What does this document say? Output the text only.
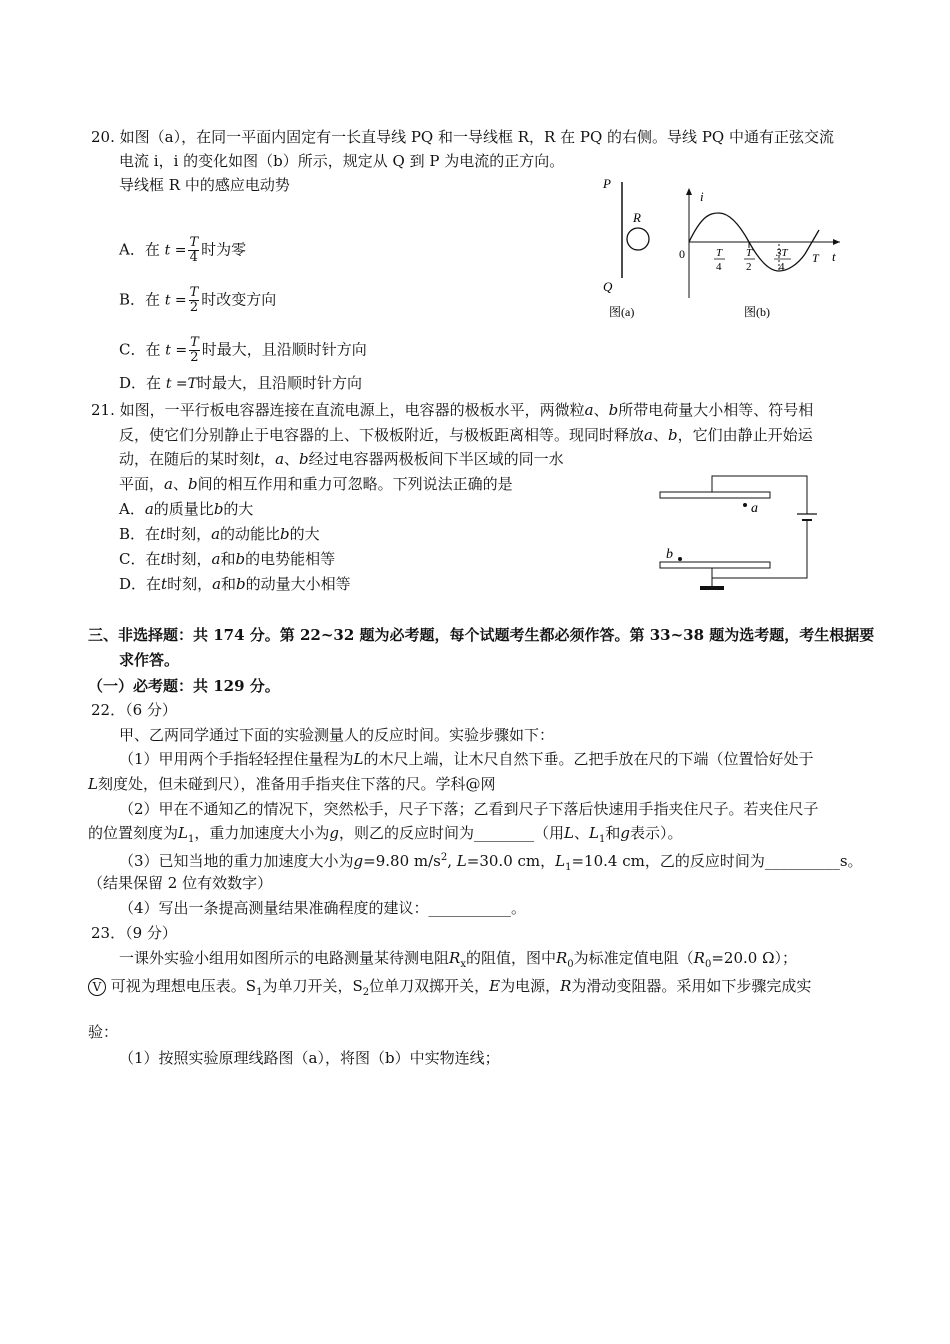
20. 如图（a），在同一平面内固定有一长直导线 PQ 和一导线框 R，R 在 PQ 的右侧。导线 PQ 中通有正弦交流
电流 i，i 的变化如图（b）所示，规定从 Q 到 P 为电流的正方向。
导线框 R 中的感应电动势
A．在 $t = \frac{T}{4}$ 时为零
B．在 $t = \frac{T}{2}$ 时改变方向
C．在 $t = \frac{T}{2}$ 时最大，且沿顺时针方向
D．在 t =T时最大，且沿顺时针方向
P
Q
R
图(a)
i
0	t
T
4
T
2
3T
4
T
图(b)
21. 如图，一平行板电容器连接在直流电源上，电容器的极板水平，两微粒a、b所带电荷量大小相等、符号相
反，使它们分别静止于电容器的上、下极板附近，与极板距离相等。现同时释放a、b，它们由静止开始运
动，在随后的某时刻t，a、b经过电容器两极板间下半区域的同一水
平面，a、b间的相互作用和重力可忽略。下列说法正确的是
A．a的质量比b的大
B．在t时刻，a的动能比b的大
C．在t时刻，a和b的电势能相等
D．在t时刻，a和b的动量大小相等
a
b
三、非选择题：共 174 分。第 22~32 题为必考题，每个试题考生都必须作答。第 33~38 题为选考题，考生根据要
求作答。
（一）必考题：共 129 分。
22．（6 分）
甲、乙两同学通过下面的实验测量人的反应时间。实验步骤如下：
（1）甲用两个手指轻轻捏住量程为L的木尺上端，让木尺自然下垂。乙把手放在尺的下端（位置恰好处于
L刻度处，但未碰到尺），准备用手指夹住下落的尺。学科@网
（2）甲在不通知乙的情况下，突然松手，尺子下落；乙看到尺子下落后快速用手指夹住尺子。若夹住尺子
的位置刻度为$L_1$，重力加速度大小为g，则乙的反应时间为________（用L、$L_1$和g表示）。
（3）已知当地的重力加速度大小为g=9.80 $m/s^2$, L=30.0 cm，$L_1=10.4$ cm，乙的反应时间为__________s。
（结果保留 2 位有效数字）
（4）写出一条提高测量结果准确程度的建议：___________。
23．（9 分）
一课外实验小组用如图所示的电路测量某待测电阻$R_x$的阻值，图中$R_0$为标准定值电阻（$R_0=20.0$ Ω）；
V 可视为理想电压表。$S_1$为单刀开关，$S_2$位单刀双掷开关，E为电源，R为滑动变阻器。采用如下步骤完成实
验：
（1）按照实验原理线路图（a），将图（b）中实物连线；
